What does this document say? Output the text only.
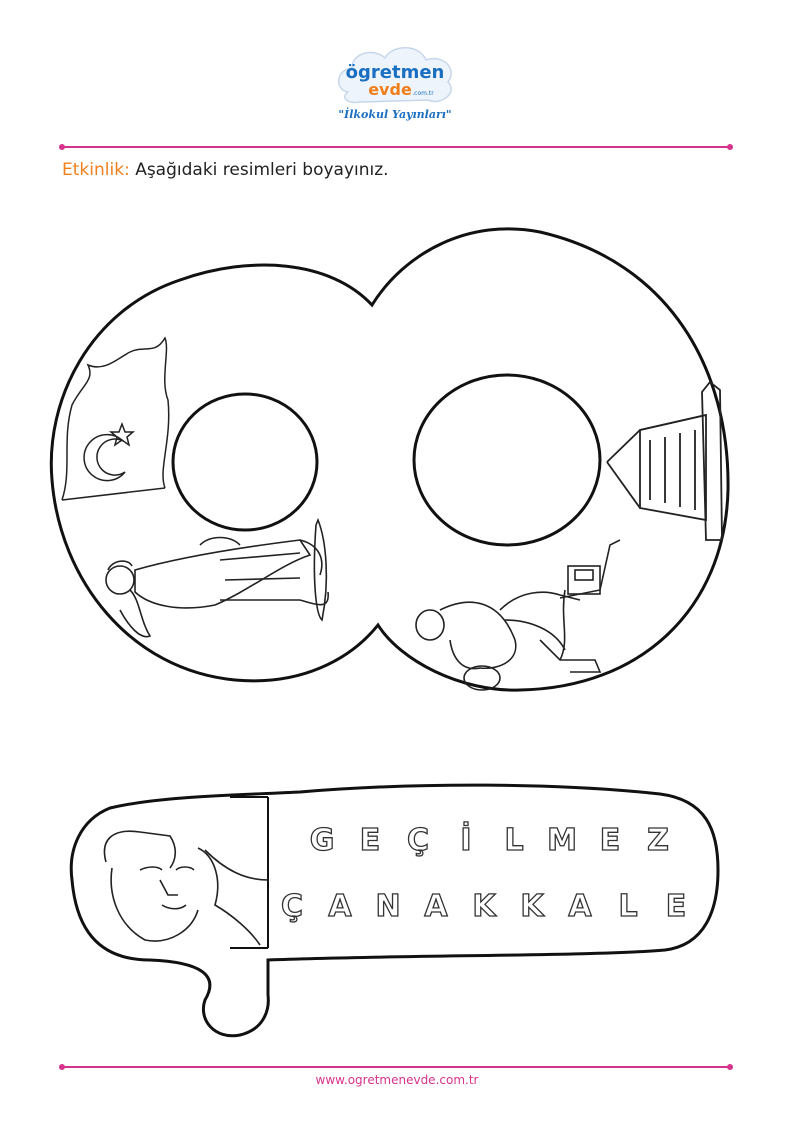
ögretmen
evde .com.tr
"İlkokul Yayınları"
Etkinlik: Aşağıdaki resimleri boyayınız.
G E Ç İ L M E Z
Ç A N A K K A L E
www.ogretmenevde.com.tr
